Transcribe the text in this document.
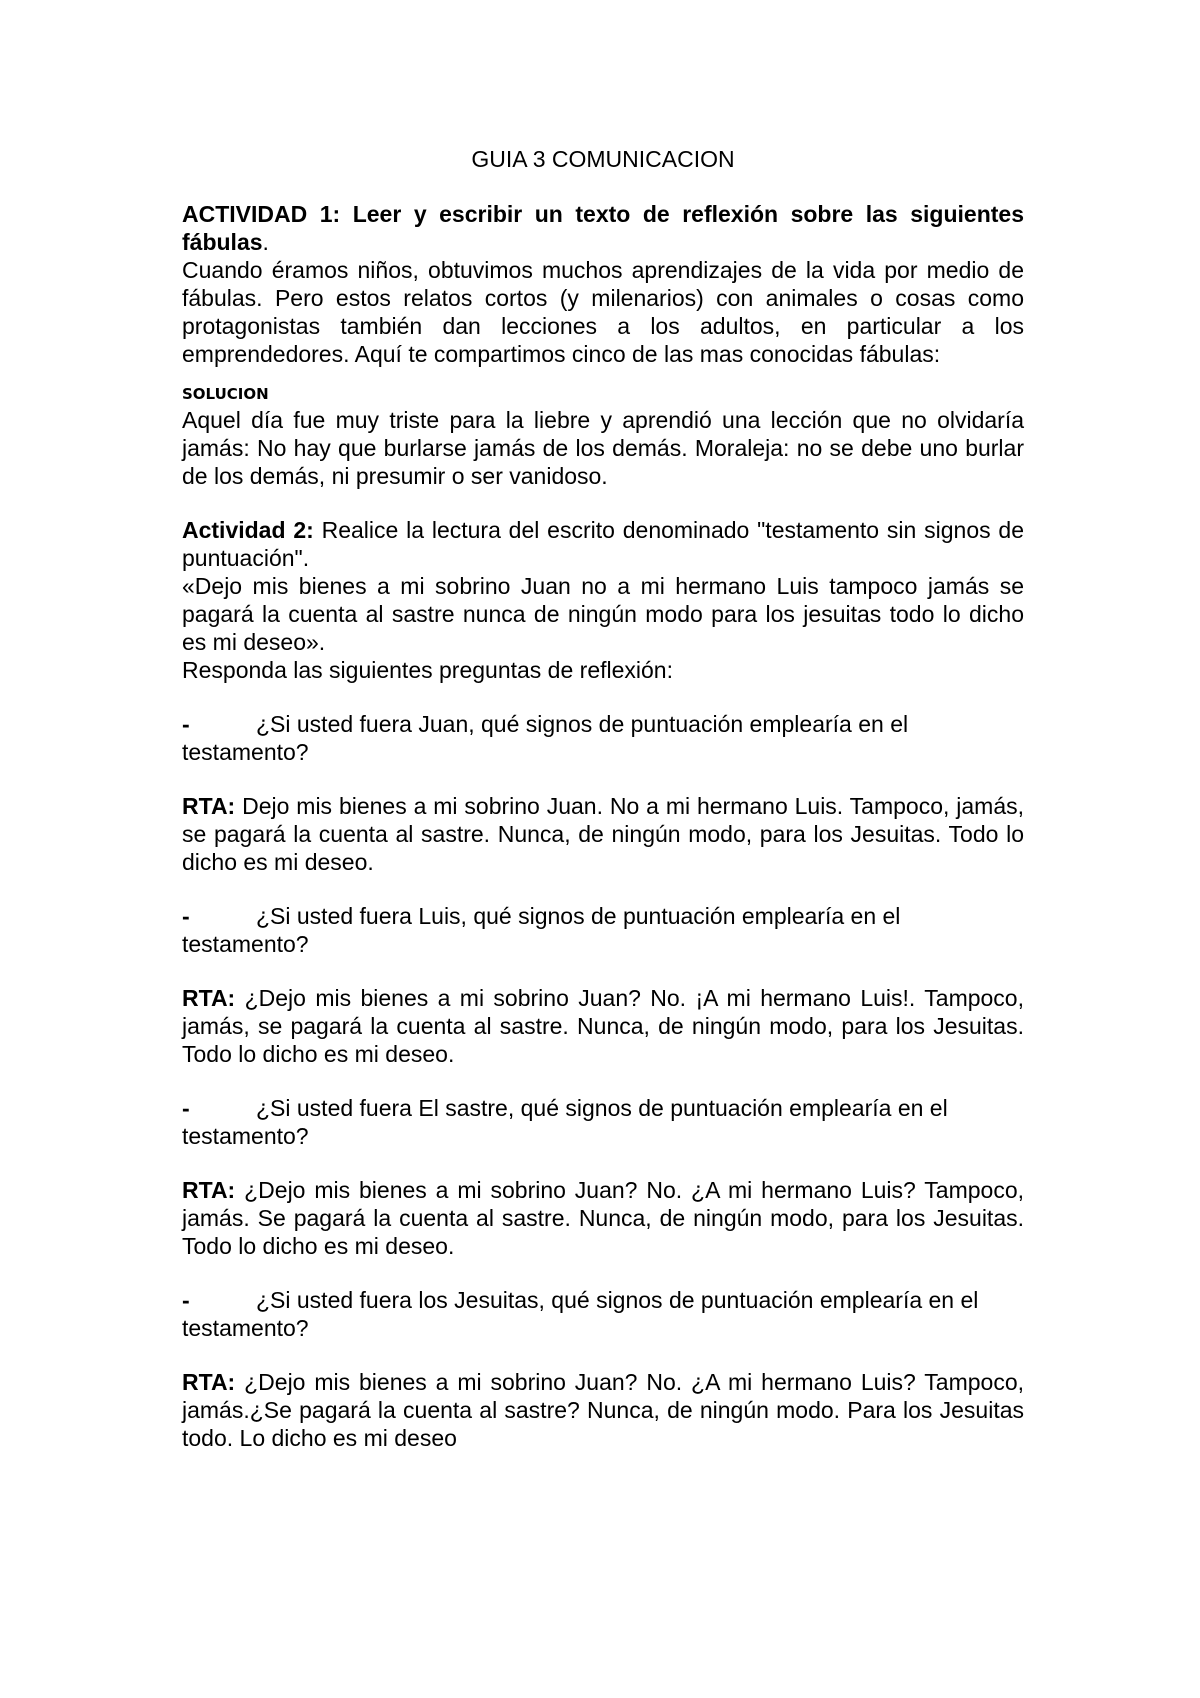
GUIA 3 COMUNICACION

ACTIVIDAD 1: Leer y escribir un texto de reflexión sobre las siguientes fábulas.

Cuando éramos niños, obtuvimos muchos aprendizajes de la vida por medio de fábulas. Pero estos relatos cortos (y milenarios) con animales o cosas como protagonistas también dan lecciones a los adultos, en particular a los emprendedores. Aquí te compartimos cinco de las mas conocidas fábulas:

SOLUCION

Aquel día fue muy triste para la liebre y aprendió una lección que no olvidaría jamás: No hay que burlarse jamás de los demás. Moraleja: no se debe uno burlar de los demás, ni presumir o ser vanidoso.

Actividad 2: Realice la lectura del escrito denominado "testamento sin signos de puntuación".

«Dejo mis bienes a mi sobrino Juan no a mi hermano Luis tampoco jamás se pagará la cuenta al sastre nunca de ningún modo para los jesuitas todo lo dicho es mi deseo».

Responda las siguientes preguntas de reflexión:

-	¿Si usted fuera Juan, qué signos de puntuación emplearía en el

testamento?

RTA: Dejo mis bienes a mi sobrino Juan. No a mi hermano Luis. Tampoco, jamás, se pagará la cuenta al sastre. Nunca, de ningún modo, para los Jesuitas. Todo lo dicho es mi deseo.

-	¿Si usted fuera Luis, qué signos de puntuación emplearía en el

testamento?

RTA: ¿Dejo mis bienes a mi sobrino Juan? No. ¡A mi hermano Luis!. Tampoco, jamás, se pagará la cuenta al sastre. Nunca, de ningún modo, para los Jesuitas. Todo lo dicho es mi deseo.

-	¿Si usted fuera El sastre, qué signos de puntuación emplearía en el

testamento?

RTA: ¿Dejo mis bienes a mi sobrino Juan? No. ¿A mi hermano Luis? Tampoco, jamás. Se pagará la cuenta al sastre. Nunca, de ningún modo, para los Jesuitas. Todo lo dicho es mi deseo.

-	¿Si usted fuera los Jesuitas, qué signos de puntuación emplearía en el

testamento?

RTA: ¿Dejo mis bienes a mi sobrino Juan? No. ¿A mi hermano Luis? Tampoco, jamás.¿Se pagará la cuenta al sastre? Nunca, de ningún modo. Para los Jesuitas todo. Lo dicho es mi deseo
